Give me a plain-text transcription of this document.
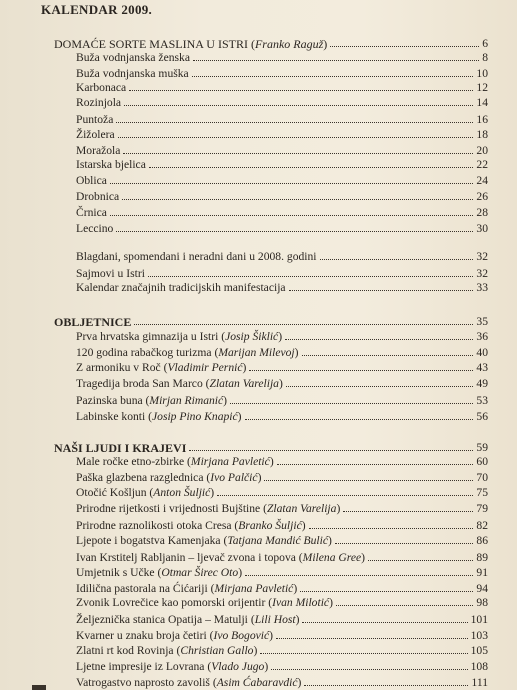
KALENDAR 2009.
DOMAĆE SORTE MASLINA U ISTRI (Franko Raguž)	6
Buža vodnjanska ženska	8
Buža vodnjanska muška	10
Karbonaca	12
Rozinjola	14
Puntoža	16
Žižolera	18
Moražola	20
Istarska bjelica	22
Oblica	24
Drobnica	26
Črnica	28
Leccino	30
Blagdani, spomendani i neradni dani u 2008. godini	32
Sajmovi u Istri	32
Kalendar značajnih tradicijskih manifestacija	33
OBLJETNICE	35
Prva hrvatska gimnazija u Istri (Josip Šiklić)	36
120 godina rabačkog turizma (Marijan Milevoj)	40
Z armoniku v Roč (Vladimir Pernić)	43
Tragedija broda San Marco (Zlatan Varelija)	49
Pazinska buna (Mirjan Rimanić)	53
Labinske konti (Josip Pino Knapić)	56
NAŠI LJUDI I KRAJEVI	59
Male ročke etno-zbirke (Mirjana Pavletić)	60
Paška glazbena razglednica (Ivo Palčić)	70
Otočić Košljun (Anton Šuljić)	75
Prirodne rijetkosti i vrijednosti Bujštine (Zlatan Varelija)	79
Prirodne raznolikosti otoka Cresa (Branko Šuljić)	82
Ljepote i bogatstva Kamenjaka (Tatjana Mandić Bulić)	86
Ivan Krstitelj Rabljanin – ljevač zvona i topova (Milena Gree)	89
Umjetnik s Učke (Otmar Širec Oto)	91
Idilična pastorala na Ćićariji (Mirjana Pavletić)	94
Zvonik Lovrečice kao pomorski orijentir (Ivan Milotić)	98
Željeznička stanica Opatija – Matulji (Lili Host)	101
Kvarner u znaku broja četiri (Ivo Bogović)	103
Zlatni rt kod Rovinja (Christian Gallo)	105
Ljetne impresije iz Lovrana (Vlado Jugo)	108
Vatrogastvo naprosto zavoliš (Asim Ćabaravdić)	111
